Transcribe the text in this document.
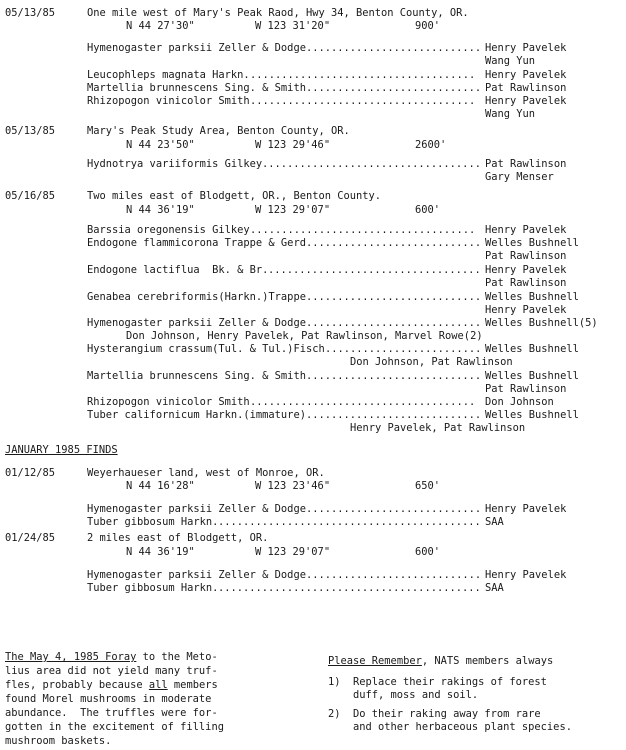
05/13/85	One mile west of Mary's Peak Raod, Hwy 34, Benton County, OR.
N 44 27'30"	W 123 31'20"	900'
Hymenogaster parksii Zeller & Dodge	Henry Pavelek
Wang Yun
............................
Leucophleps magnata Harkn.	Henry Pavelek
....................................
Martellia brunnescens Sing. & Smith	Pat Rawlinson
............................
Rhizopogon vinicolor Smith	Henry Pavelek
Wang Yun
....................................
05/13/85	Mary's Peak Study Area, Benton County, OR.
N 44 23'50"	W 123 29'46"	2600'
Hydnotrya variiformis Gilkey	Pat Rawlinson
Gary Menser
...................................
05/16/85	Two miles east of Blodgett, OR., Benton County.
N 44 36'19"	W 123 29'07"	600'
Barssia oregonensis Gilkey	Henry Pavelek
....................................
Endogone flammicorona Trappe & Gerd	Welles Bushnell
Pat Rawlinson
............................
Endogone lactiflua  Bk. & Br.	Henry Pavelek
Pat Rawlinson
..................................
Genabea cerebriformis(Harkn.)Trappe	Welles Bushnell
Henry Pavelek
............................
Hymenogaster parksii Zeller & Dodge	Welles Bushnell(5)
Don Johnson, Henry Pavelek, Pat Rawlinson, Marvel Rowe(2)
............................
Hysterangium crassum(Tul. & Tul.)Fisch	Welles Bushnell
Don Johnson, Pat Rawlinson
.........................
Martellia brunnescens Sing. & Smith	Welles Bushnell
Pat Rawlinson
............................
Rhizopogon vinicolor Smith	Don Johnson
....................................
Tuber californicum Harkn.(immature)	Welles Bushnell
Henry Pavelek, Pat Rawlinson
............................
JANUARY 1985 FINDS
01/12/85	Weyerhaueser land, west of Monroe, OR.
N 44 16'28"	W 123 23'46"	650'
Hymenogaster parksii Zeller & Dodge	Henry Pavelek
............................
Tuber gibbosum Harkn.	SAA
..........................................
01/24/85	2 miles east of Blodgett, OR.
N 44 36'19"	W 123 29'07"	600'
Hymenogaster parksii Zeller & Dodge	Henry Pavelek
............................
Tuber gibbosum Harkn.	SAA
..........................................
The May 4, 1985 Foray to the Meto-
lius area did not yield many truf-
fles, probably because all members
found Morel mushrooms in moderate
abundance.  The truffles were for-
gotten in the excitement of filling
mushroom baskets.
Please Remember, NATS members always
1) Replace their rakings of forest
duff, moss and soil.
2) Do their raking away from rare
and other herbaceous plant species.
